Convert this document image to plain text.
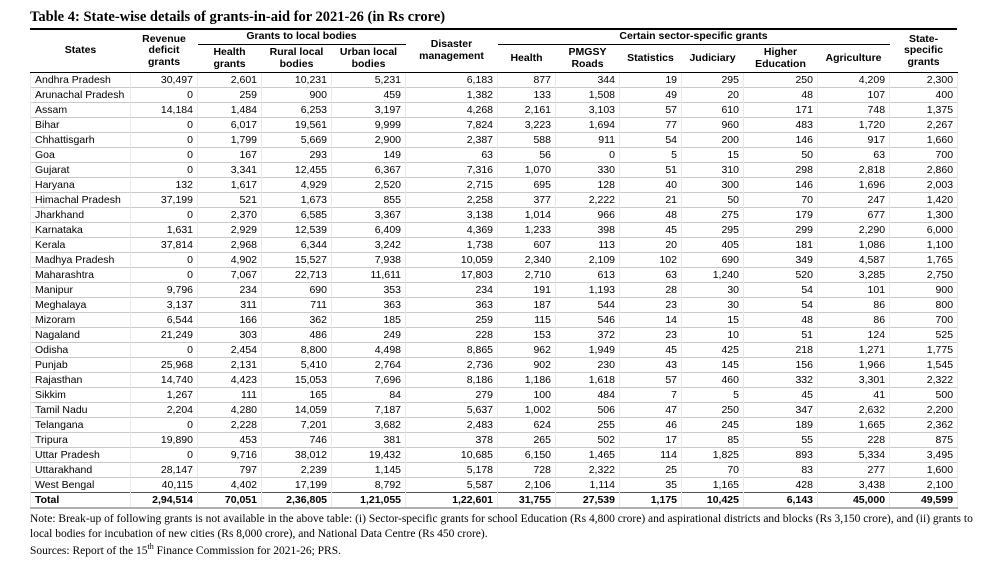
Table 4: State-wise details of grants-in-aid for 2021-26 (in Rs crore)
States	Revenue deficit grants	Grants to local bodies			Disaster management	Certain sector-specific grants						State-specific grants
		Health grants	Rural local bodies	Urban local bodies		Health	PMGSY Roads	Statistics	Judiciary	Higher Education	Agriculture	
Andhra Pradesh	30,497	2,601	10,231	5,231	6,183	877	344	19	295	250	4,209	2,300
Arunachal Pradesh	0	259	900	459	1,382	133	1,508	49	20	48	107	400
Assam	14,184	1,484	6,253	3,197	4,268	2,161	3,103	57	610	171	748	1,375
Bihar	0	6,017	19,561	9,999	7,824	3,223	1,694	77	960	483	1,720	2,267
Chhattisgarh	0	1,799	5,669	2,900	2,387	588	911	54	200	146	917	1,660
Goa	0	167	293	149	63	56	0	5	15	50	63	700
Gujarat	0	3,341	12,455	6,367	7,316	1,070	330	51	310	298	2,818	2,860
Haryana	132	1,617	4,929	2,520	2,715	695	128	40	300	146	1,696	2,003
Himachal Pradesh	37,199	521	1,673	855	2,258	377	2,222	21	50	70	247	1,420
Jharkhand	0	2,370	6,585	3,367	3,138	1,014	966	48	275	179	677	1,300
Karnataka	1,631	2,929	12,539	6,409	4,369	1,233	398	45	295	299	2,290	6,000
Kerala	37,814	2,968	6,344	3,242	1,738	607	113	20	405	181	1,086	1,100
Madhya Pradesh	0	4,902	15,527	7,938	10,059	2,340	2,109	102	690	349	4,587	1,765
Maharashtra	0	7,067	22,713	11,611	17,803	2,710	613	63	1,240	520	3,285	2,750
Manipur	9,796	234	690	353	234	191	1,193	28	30	54	101	900
Meghalaya	3,137	311	711	363	363	187	544	23	30	54	86	800
Mizoram	6,544	166	362	185	259	115	546	14	15	48	86	700
Nagaland	21,249	303	486	249	228	153	372	23	10	51	124	525
Odisha	0	2,454	8,800	4,498	8,865	962	1,949	45	425	218	1,271	1,775
Punjab	25,968	2,131	5,410	2,764	2,736	902	230	43	145	156	1,966	1,545
Rajasthan	14,740	4,423	15,053	7,696	8,186	1,186	1,618	57	460	332	3,301	2,322
Sikkim	1,267	111	165	84	279	100	484	7	5	45	41	500
Tamil Nadu	2,204	4,280	14,059	7,187	5,637	1,002	506	47	250	347	2,632	2,200
Telangana	0	2,228	7,201	3,682	2,483	624	255	46	245	189	1,665	2,362
Tripura	19,890	453	746	381	378	265	502	17	85	55	228	875
Uttar Pradesh	0	9,716	38,012	19,432	10,685	6,150	1,465	114	1,825	893	5,334	3,495
Uttarakhand	28,147	797	2,239	1,145	5,178	728	2,322	25	70	83	277	1,600
West Bengal	40,115	4,402	17,199	8,792	5,587	2,106	1,114	35	1,165	428	3,438	2,100
Total	2,94,514	70,051	2,36,805	1,21,055	1,22,601	31,755	27,539	1,175	10,425	6,143	45,000	49,599

Note: Break-up of following grants is not available in the above table: (i) Sector-specific grants for school Education (Rs 4,800 crore) and aspirational districts and blocks (Rs 3,150 crore), and (ii) grants to local bodies for incubation of new cities (Rs 8,000 crore), and National Data Centre (Rs 450 crore).

Sources: Report of the 15th Finance Commission for 2021-26; PRS.
